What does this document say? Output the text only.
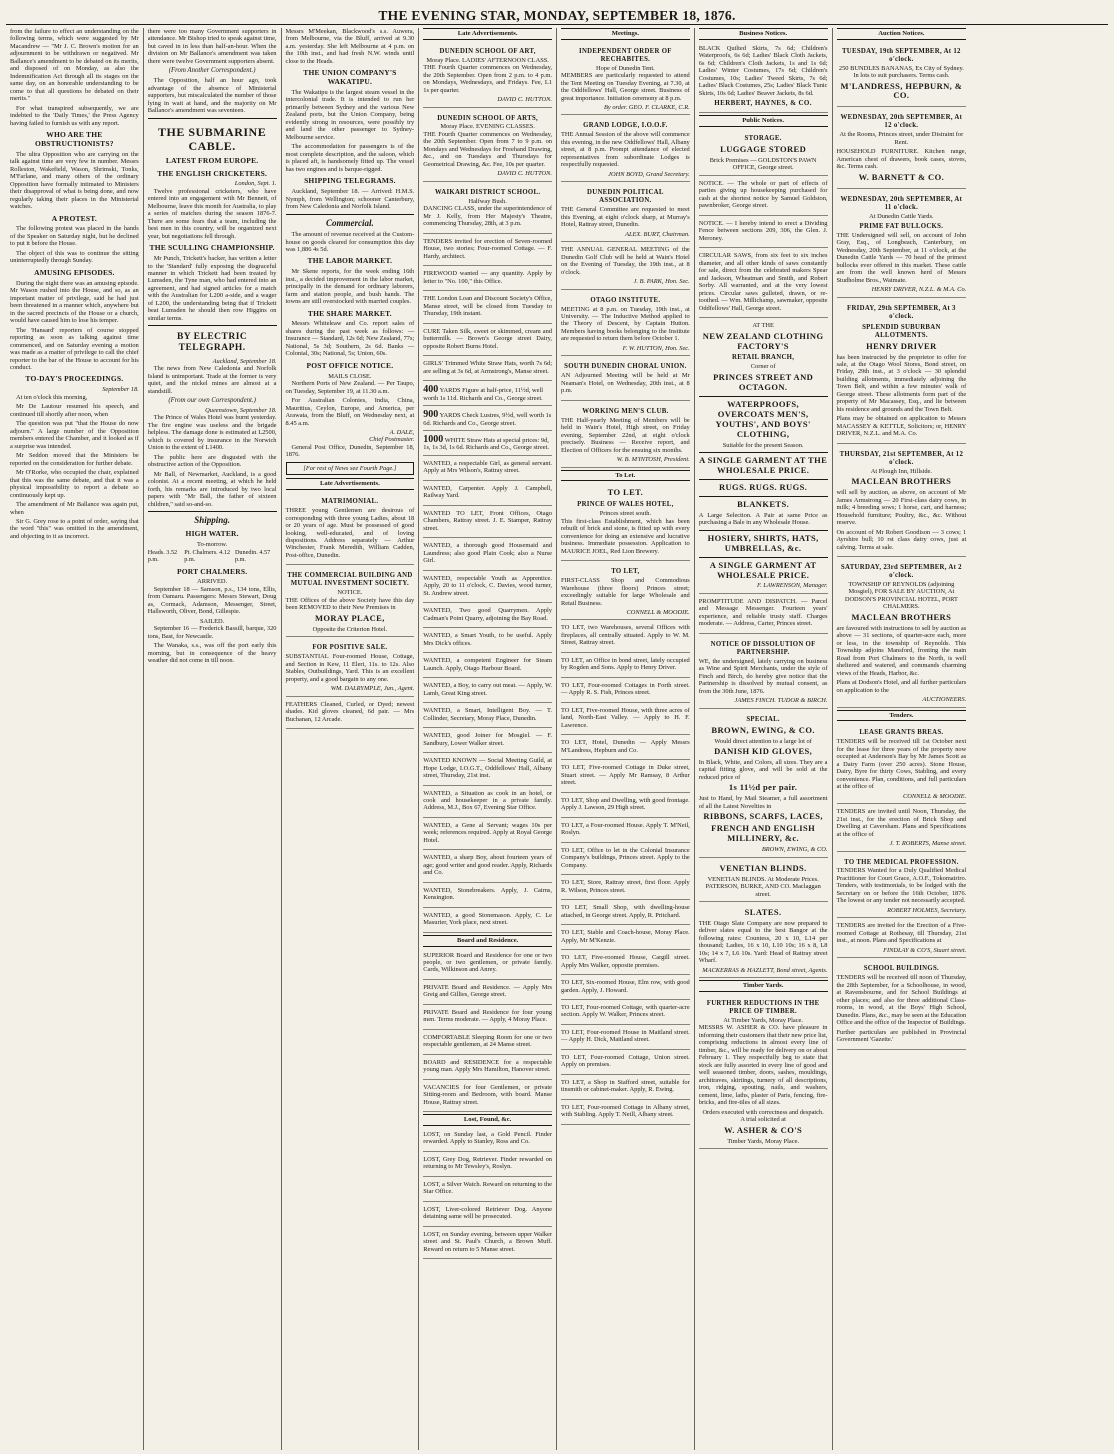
THE EVENING STAR, MONDAY, SEPTEMBER 18, 1876.

from the failure to effect an understanding on the following terms, which were suggested by Mr Macandrew — "Mr J. C. Brown's motion for an adjournment to be withdrawn or negatived. Mr Ballance's amendment to be debated on its merits, and disposed of on Monday, as also the Indemnification Act through all its stages on the same day, on an honorable understanding to be come to that all questions be debated on their merits."

For what transpired subsequently, we are indebted to the 'Daily Times,' the Press Agency having failed to furnish us with any report.

WHO ARE THE OBSTRUCTIONISTS?

The ultra Opposition who are carrying on the talk against time are very few in number. Messrs Rolleston, Wakefield, Wason, Shrimski, Tonks, M'Farlane, and many others of the ordinary Opposition have formally intimated to Ministers their disapproval of what is being done, and now regularly taking their places in the Ministerial watches.

A PROTEST.

The following protest was placed in the hands of the Speaker on Saturday night, but he declined to put it before the House.

The object of this was to continue the sitting uninterruptedly through Sunday.

AMUSING EPISODES.

During the night there was an amusing episode. Mr Wason rushed into the House, and so, as an important matter of privilege, said he had just been threatened in a manner which, anywhere but in the sacred precincts of the House or a church, would have caused him to lose his temper.

The 'Hansard' reporters of course stopped reporting as soon as talking against time commenced, and on Saturday evening a motion was made as a matter of privilege to call the chief reporter to the bar of the House to account for his conduct.

TO-DAY'S PROCEEDINGS.
September 18.

At ten o'clock this morning,

Mr De Lautour resumed his speech, and continued till shortly after noon, when

The question was put "that the House do now adjourn." A large number of the Opposition members entered the Chamber, and it looked as if a surprise was intended.

Mr Seddon moved that the Ministers be reported on the consideration for further debate.

Mr O'Rorke, who occupied the chair, explained that this was the same debate, and that it was a physical impossibility to report a debate so continuously kept up.

The amendment of Mr Ballance was again put, when

Sir G. Grey rose to a point of order, saying that the word "this" was omitted in the amendment, and objecting to it as incorrect.

there were too many Government supporters in attendance. Mr Bishop tried to speak against time, but caved in in less than half-an-hour. When the division on Mr Ballance's amendment was taken there were twelve Government supporters absent.

(From Another Correspondent.)

The Opposition, half an hour ago, took advantage of the absence of Ministerial supporters, but miscalculated the number of those lying in wait at hand, and the majority on Mr Ballance's amendment was seventeen.

THE SUBMARINE CABLE.
LATEST FROM EUROPE.
THE ENGLISH CRICKETERS.
London, Sept. 1.

Twelve professional cricketers, who have entered into an engagement with Mr Bennett, of Melbourne, leave this month for Australia, to play a series of matches during the season 1876-7. There are some fears that a team, including the best men in this country, will be organized next year, but negotiations fell through.

THE SCULLING CHAMPIONSHIP.

Mr Punch, Trickett's backer, has written a letter to the 'Standard' fully exposing the disgraceful manner in which Trickett had been treated by Lumsden, the Tyne man, who had entered into an agreement, and had signed articles for a match with the Australian for L200 a-side, and a wager of L200, the understanding being that if Trickett beat Lumsden he should then row Higgins on similar terms.

BY ELECTRIC TELEGRAPH.
Auckland, September 18.

The news from New Caledonia and Norfolk Island is unimportant. Trade at the former is very quiet, and the nickel mines are almost at a standstill.

(From our own Correspondent.)
Queenstown, September 18.

The Prince of Wales Hotel was burnt yesterday. The fire engine was useless and the brigade helpless. The damage done is estimated at L2500, which is covered by insurance in the Norwich Union to the extent of L1400.

The public here are disgusted with the obstructive action of the Opposition.

Mr Ball, of Newmarket, Auckland, is a good colonist. At a recent meeting, at which he held forth, his remarks are introduced by two local papers with "Mr Ball, the father of sixteen children," said so-and-so.

Shipping.
HIGH WATER.
To-morrow.
Heads. 3.52 p.m.
Pt. Chalmers. 4.12 p.m.
Dunedin. 4.57 p.m.
PORT CHALMERS.
ARRIVED.

September 18 — Samson, p.s., 134 tons, Ellis, from Oamaru. Passengers: Messrs Stewart, Doug as, Cormack, Adamson, Messenger, Street, Hallsworth, Oliver, Bond, Gillespie.

SAILED.

September 16 — Frederick Bassill, barque, 320 tons, Bast, for Newcastle.

The Wanaka, s.s., was off the port early this morning, but in consequence of the heavy weather did not come in till noon.

Messrs M'Meekan, Blackwood's s.s. Auwera, from Melbourne, via the Bluff, arrived at 9.30 a.m. yesterday. She left Melbourne at 4 p.m. on the 10th inst., and had fresh N.W. winds until close to the Heads.

THE UNION COMPANY'S WAKATIPU.

The Wakatipu is the largest steam vessel in the intercolonial trade. It is intended to run her primarily between Sydney and the various New Zealand ports, but the Union Company, being evidently strong in resources, were possibly try and land the other passenger to Sydney-Melbourne service.

The accommodation for passengers is of the most complete description, and the saloon, which is placed aft, is handsomely fitted up. The vessel has two engines and is barque-rigged.

SHIPPING TELEGRAMS.

Auckland, September 18. — Arrived: H.M.S. Nymph, from Wellington; schooner Canterbury, from New Caledonia and Norfolk Island.

Commercial.

The amount of revenue received at the Custom-house on goods cleared for consumption this day was 1,886 4s 5d.

THE LABOR MARKET.

Mr Skene reports, for the week ending 16th inst., a decided improvement in the labor market, principally in the demand for ordinary laborers, farm and station people, and bush hands. The towns are still overstocked with married couples.

THE SHARE MARKET.

Messrs Whiteleaw and Co. report sales of shares during the past week as follows: — Insurance — Standard, 12s 6d; New Zealand, 77s; National, 5s 3d; Southern, 2s 6d. Banks — Colonial, 30s; National, 5s; Union, 60s.

POST OFFICE NOTICE.
MAILS CLOSE.

Northern Ports of New Zealand. — Per Taupo, on Tuesday, September 19, at 11.30 a.m.

For Australian Colonies, India, China, Mauritius, Ceylon, Europe, and America, per Arawata, from the Bluff, on Wednesday next, at 8.45 a.m.

A. DALE,
Chief Postmaster.

General Post Office, Dunedin, September 18, 1876.

[For rest of News see Fourth Page.]
Late Advertisements.
MATRIMONIAL.

THREE young Gentlemen are desirous of corresponding with three young Ladies, about 18 or 20 years of age. Must be possessed of good looking, well-educated, and of loving dispositions. Address separately — Arthur Winchester, Frank Meredith, William Cadden, Post-office, Dunedin.

THE COMMERCIAL BUILDING AND MUTUAL INVESTMENT SOCIETY.
NOTICE.

THE Offices of the above Society have this day been REMOVED to their New Premises in

MORAY PLACE,
Opposite the Criterion Hotel.
FOR POSITIVE SALE.

SUBSTANTIAL Four-roomed House, Cottage, and Section in Kew, 11 Eleri, 11s. to 12s. Also Stables, Outbuildings, Yard. This is an excellent property, and a good bargain to any one.

WM. DALRYMPLE, Jun., Agent.

FEATHERS Cleaned, Curled, or Dyed; newest shades. Kid gloves cleaned, 6d pair. — Mrs Buchanan, 12 Arcade.

Late Advertisements.
DUNEDIN SCHOOL OF ART,
Moray Place. LADIES' AFTERNOON CLASS.

THE Fourth Quarter commences on Wednesday, the 20th September. Open from 2 p.m. to 4 p.m. on Mondays, Wednesdays, and Fridays. Fee, L1 1s per quarter.

DAVID C. HUTTON.
DUNEDIN SCHOOL OF ARTS,
Moray Place. EVENING CLASSES.

THE Fourth Quarter commences on Wednesday, the 20th September. Open from 7 to 9 p.m. on Mondays and Wednesdays for Freehand Drawing, &c., and on Tuesdays and Thursdays for Geometrical Drawing, &c. Fee, 10s per quarter.

DAVID C. HUTTON.
WAIKARI DISTRICT SCHOOL.
Halfway Bush.

DANCING CLASS, under the superintendence of Mr J. Kelly, from Her Majesty's Theatre, commencing Thursday, 28th, at 3 p.m.

TENDERS invited for erection of Seven-roomed House, two stories; Four-roomed Cottage. — F. Hardy, architect.

FIREWOOD wanted — any quantity. Apply by letter to "No. 100," this Office.

THE London Loan and Discount Society's Office, Manse street, will be closed from Tuesday to Thursday, 19th instant.

CURE Taken Silk, sweet or skimmed, cream and buttermilk. — Brown's George street Dairy, opposite Robert Burns Hotel.

GIRLS' Trimmed White Straw Hats, worth 7s 6d; are selling at 3s 6d, at Armstrong's, Manse street.

400 YARDS Figure at half-price, 11½d, well worth 1s 11d. Richards and Co., George street.
900 YARDS Check Lustres, 9½d, well worth 1s 6d. Richards and Co., George street.
1000 WHITE Straw Hats at special prices: 9d, 1s, 1s 3d, 1s 6d. Richards and Co., George street.

WANTED, a respectable Girl, as general servant. Apply at Mrs Wilson's, Rattray street.

WANTED, Carpenter. Apply J. Campbell, Railway Yard.

WANTED TO LET, Front Offices, Otago Chambers, Rattray street. J. E. Stamper, Rattray street.

WANTED, a thorough good Housemaid and Laundress; also good Plain Cook; also a Nurse Girl.

WANTED, respectable Youth as Apprentice. Apply, 20 to 11 o'clock, C. Davies, wood turner, St. Andrew street.

WANTED, Two good Quarrymen. Apply Cadman's Point Quarry, adjoining the Bay Road.

WANTED, a Smart Youth, to be useful. Apply Mrs Dick's offices.

WANTED, a competent Engineer for Steam Launch. Apply, Otago Harbour Board.

WANTED, a Boy, to carry out meat. — Apply, W. Lamb, Great King street.

WANTED, a Smart, Intelligent Boy. — T. Collinder, Secretary, Moray Place, Dunedin.

WANTED, good Joiner for Mosgiel. — F. Sandbury, Lower Walker street.

WANTED KNOWN — Social Meeting Guild, at Hope Lodge, I.O.G.T., Oddfellows' Hall, Albany street, Thursday, 21st inst.

WANTED, a Situation as cook in an hotel, or cook and housekeeper in a private family. Address, M.J., Box 67, Evening Star Office.

WANTED, a Gene al Servant; wages 10s per week; references required. Apply at Royal George Hotel.

WANTED, a sharp Boy, about fourteen years of age; good writer and good reader. Apply, Richards and Co.

WANTED, Stonebreakers. Apply, J. Cairns, Kensington.

WANTED, a good Stonemason. Apply, C. Le Masurier, York place, next street.

Board and Residence.

SUPERIOR Board and Residence for one or two people, or two gentlemen, or private family. Cards, Wilkinson and Anrey.

PRIVATE Board and Residence. — Apply Mrs Greig and Gillies, George street.

PRIVATE Board and Residence for four young men. Terms moderate. — Apply, 4 Moray Place.

COMFORTABLE Sleeping Room for one or two respectable gentlemen, at 24 Manse street.

BOARD and RESIDENCE for a respectable young man. Apply Mrs Hamilton, Hanover street.

VACANCIES for four Gentlemen, or private Sitting-room and Bedroom, with board. Manse House, Rattray street.

Lost, Found, &c.

LOST, on Sunday last, a Gold Pencil. Finder rewarded. Apply to Stanley, Ross and Co.

LOST, Grey Dog, Retriever. Finder rewarded on returning to Mr Tewsley's, Roslyn.

LOST, a Silver Watch. Reward on returning to the Star Office.

LOST, Liver-colored Retriever Dog. Anyone detaining same will be prosecuted.

LOST, on Sunday evening, between upper Walker street and St. Paul's Church, a Brown Muff. Reward on return to 5 Manse street.

Meetings.
INDEPENDENT ORDER OF RECHABITES.
Hope of Dunedin Tent.

MEMBERS are particularly requested to attend the Tent Meeting on Tuesday Evening, at 7.30, at the Oddfellows' Hall, George street. Business of great importance. Initiation ceremony at 8 p.m.

By order. GEO. F. CLARKE, C.R.
GRAND LODGE, I.O.O.F.

THE Annual Session of the above will commence this evening, in the new Oddfellows' Hall, Albany street, at 8 p.m. Prompt attendance of elected representatives from subordinate Lodges is respectfully requested.

JOHN BOYD, Grand Secretary.
DUNEDIN POLITICAL ASSOCIATION.

THE General Committee are requested to meet this Evening, at eight o'clock sharp, at Murray's Hotel, Rattray street, Dunedin.

ALEX. BURT, Chairman.

THE ANNUAL GENERAL MEETING of the Dunedin Golf Club will be held at Wain's Hotel on the Evening of Tuesday, the 19th inst., at 8 o'clock.

J. B. PARK, Hon. Sec.
OTAGO INSTITUTE.

MEETING at 8 p.m. on Tuesday, 19th inst., at University. — The Inductive Method applied to the Theory of Descent, by Captain Hutton. Members having books belonging to the Institute are requested to return them before October 1.

F. W. HUTTON, Hon. Sec.
SOUTH DUNEDIN CHORAL UNION.

AN Adjourned Meeting will be held at Mr Neaman's Hotel, on Wednesday, 20th inst., at 8 p.m.

WORKING MEN'S CLUB.

THE Half-yearly Meeting of Members will be held in Wain's Hotel, High street, on Friday evening, September 22nd, at eight o'clock precisely. Business — Receive report, and Election of Officers for the ensuing six months.

W. B. M'INTOSH, President.
To Let.
TO LET.
PRINCE OF WALES HOTEL,
Princes street south.

This first-class Establishment, which has been rebuilt of brick and stone, is fitted up with every convenience for doing an extensive and lucrative business. Immediate possession. Application to MAURICE JOEL, Red Lion Brewery.

TO LET,

FIRST-CLASS Shop and Commodious Warehouse (three floors) Princes street; exceedingly suitable for large Wholesale and Retail Business.

CONNELL & MOODIE.

TO LET, two Warehouses, several Offices with fireplaces, all centrally situated. Apply to W. M. Street, Rattray street.

TO LET, an Office in bond street, lately occupied by Rogden and Sons. Apply to Henry Driver.

TO LET, Four-roomed Cottages in Forth street. — Apply R. S. Fish, Princes street.

TO LET, Five-roomed House, with three acres of land, North-East Valley. — Apply to H. F. Lawrence.

TO LET, Hotel, Dunedin — Apply Messrs M'Landress, Hepburn and Co.

TO LET, Five-roomed Cottage in Duke street, Stuart street. — Apply Mr Ramsay, 8 Arthur street.

TO LET, Shop and Dwelling, with good frontage. Apply J. Lawson, 29 High street.

TO LET, a Four-roomed House. Apply T. M'Neil, Roslyn.

TO LET, Office to let in the Colonial Insurance Company's buildings, Princes street. Apply to the Company.

TO LET, Store, Rattray street, first floor. Apply R. Wilson, Princes street.

TO LET, Small Shop, with dwelling-house attached, in George street. Apply, R. Pritchard.

TO LET, Stable and Coach-house, Moray Place. Apply, Mr M'Kenzie.

TO LET, Five-roomed House, Cargill street. Apply Mrs Walker, opposite premises.

TO LET, Six-roomed House, Elm row, with good garden. Apply, J. Howard.

TO LET, Four-roomed Cottage, with quarter-acre section. Apply W. Walker, Princes street.

TO LET, Four-roomed House in Maitland street. — Apply H. Dick, Maitland street.

TO LET, Four-roomed Cottage, Union street. Apply on premises.

TO LET, a Shop in Stafford street, suitable for tinsmith or cabinet-maker. Apply, R. Ewing.

TO LET, Four-roomed Cottage in Albany street, with Stabling. Apply T. Neill, Albany street.

Business Notices.

BLACK Quilted Skirts, 7s 6d; Children's Waterproofs, 6s 6d; Ladies' Black Cloth Jackets, 6s 6d; Children's Cloth Jackets, 1s and 1s 6d; Ladies' Winter Costumes, 17s 6d; Children's Costumes, 10s; Ladies' Tweed Skirts, 7s 6d; Ladies' Black Costumes, 25s; Ladies' Black Tunic Skirts, 10s 6d; Ladies' Beaver Jackets, 8s 6d.

HERBERT, HAYNES, & CO.
Public Notices.
STORAGE.
LUGGAGE STORED
Brick Premises — GOLDSTON'S PAWN OFFICE, George street.

NOTICE. — The whole or part of effects of parties giving up housekeeping purchased for cash at the shortest notice by Samuel Goldston, pawnbroker, George street.

NOTICE. — I hereby intend to erect a Dividing Fence between sections 209, 306, the Glen. J. Meroney.

CIRCULAR SAWS, from six feet to six inches diameter, and all other kinds of saws constantly for sale, direct from the celebrated makers Spear and Jackson, Wheatman and Smith, and Robert Sorby. All warranted, and at the very lowest prices. Circular saws gulleted, drawn, or re-toothed. — Wm. Millichamp, sawmaker, opposite Oddfellows' Hall, George street.

AT THE
NEW ZEALAND CLOTHING FACTORY'S
RETAIL BRANCH,
Corner of
PRINCES STREET AND OCTAGON.
WATERPROOFS, OVERCOATS MEN'S, YOUTHS', AND BOYS' CLOTHING,
Suitable for the present Season.
A SINGLE GARMENT AT THE WHOLESALE PRICE.
RUGS. RUGS. RUGS.
BLANKETS.

A Large Selection. A Pair at same Price as purchasing a Bale in any Wholesale House.

HOSIERY, SHIRTS, HATS, UMBRELLAS, &c.
A SINGLE GARMENT AT WHOLESALE PRICE.
F. LAWRENSON, Manager.

PROMPTITUDE AND DISPATCH. — Parcel and Message Messenger. Fourteen years' experience, and reliable trusty staff. Charges moderate. — Address, Carter, Princes street.

NOTICE OF DISSOLUTION OF PARTNERSHIP.

WE, the undersigned, lately carrying on business as Wine and Spirit Merchants, under the style of Finch and Birch, do hereby give notice that the Partnership is dissolved by mutual consent, as from the 30th June, 1876.

JAMES FINCH. TUDOR & BIRCH.
SPECIAL.
BROWN, EWING, & CO.
Would direct attention to a large lot of
DANISH KID GLOVES,

In Black, White, and Colors, all sizes. They are a capital fitting glove, and will be sold at the reduced price of

1s 11½d per pair.

Just to Hand, by Mail Steamer, a full assortment of all the Latest Novelties in

RIBBONS, SCARFS, LACES,
FRENCH AND ENGLISH MILLINERY, &c.
BROWN, EWING, & CO.
VENETIAN BLINDS.
VENETIAN BLINDS. At Moderate Prices.
PATERSON, BURKE, AND CO. Maclaggan street.
SLATES.

THE Otago Slate Company are now prepared to deliver slates equal to the best Bangor at the following rates: Countess, 20 x 10, L14 per thousand; Ladies, 16 x 10, L10 10s; 16 x 8, L8 10s; 14 x 7, L6 10s. Yard: Head of Rattray street Wharf.

MACKERRAS & HAZLETT, Bond street, Agents.
Timber Yards.
FURTHER REDUCTIONS IN THE PRICE OF TIMBER.
At Timber Yards, Moray Place.

MESSRS W. ASHER & CO. have pleasure in informing their customers that their new price list, comprising reductions in almost every line of timber, &c., will be ready for delivery on or about February 1. They respectfully beg to state that stock are fully assorted in every line of good and well seasoned timber, doors, sashes, mouldings, architraves, skirtings, turnery of all descriptions, iron, ridging, spouting, nails, and washers, cement, lime, laths, plaster of Paris, fencing, fire-bricks, and fire-tiles of all sizes.

Orders executed with correctness and despatch.
A trial solicited at
W. ASHER & CO'S
Timber Yards, Moray Place.
Auction Notices.
TUESDAY, 19th SEPTEMBER, At 12 o'clock.

250 BUNDLES BANANAS, Ex City of Sydney. In lots to suit purchasers. Terms cash.

M'LANDRESS, HEPBURN, & CO.
WEDNESDAY, 20th SEPTEMBER, At 12 o'clock.

At the Rooms, Princes street, under Distraint for Rent.

HOUSEHOLD FURNITURE. Kitchen range, American chest of drawers, book cases, stoves, &c. Terms cash.

W. BARNETT & CO.
WEDNESDAY, 20th SEPTEMBER, At 11 o'clock.
At Dunedin Cattle Yards.
PRIME FAT BULLOCKS.

THE Undersigned will sell, on account of John Gray, Esq., of Longbeach, Canterbury, on Wednesday, 20th September, at 11 o'clock, at the Dunedin Cattle Yards — 70 head of the primest bullocks ever offered in this market. These cattle are from the well known herd of Messrs Studholme Bros., Waimate.

HENRY DRIVER, N.Z.L. & M.A. Co.
FRIDAY, 29th SEPTEMBER, At 3 o'clock.
SPLENDID SUBURBAN ALLOTMENTS.
HENRY DRIVER

has been instructed by the proprietor to offer for sale, at the Otago Wool Stores, Bond street, on Friday, 29th inst., at 3 o'clock — 30 splendid building allotments, immediately adjoining the Town Belt, and within a few minutes' walk of George street. These allotments form part of the property of Mr Macassey, Esq., and lie between his residence and grounds and the Town Belt.

Plans may be obtained on application to Messrs MACASSEY & KETTLE, Solicitors; or, HENRY DRIVER, N.Z.L. and M.A. Co.

THURSDAY, 21st SEPTEMBER, At 12 o'clock.
At Plough Inn, Hillside.
MACLEAN BROTHERS

will sell by auction, as above, on account of Mr James Armstrong — 20 First-class dairy cows, in milk; 4 breeding sows; 1 horse, cart, and harness; Household furniture; Poultry, &c., &c. Without reserve.

On account of Mr Robert Goodison — 3 cows; 1 Ayrshire bull; 10 rst class dairy cows, just at calving. Terms at sale.

SATURDAY, 23rd SEPTEMBER, At 2 o'clock.
TOWNSHIP OF REYNOLDS (adjoining Mosgiel), FOR SALE BY AUCTION, At DODSON'S PROVINCIAL HOTEL, PORT CHALMERS.
MACLEAN BROTHERS

are favoured with instructions to sell by auction as above — 31 sections, of quarter-acre each, more or less, in the township of Reynolds. This Township adjoins Mansford, fronting the main Road from Port Chalmers to the North, is well sheltered and watered, and commands charming views of the Heads, Harbor, &c.

Plans at Dodson's Hotel, and all further particulars on application to the

AUCTIONEERS.
Tenders.
LEASE GRANTS BREAS.

TENDERS will be received till 1st October next for the lease for three years of the property now occupied at Anderson's Bay by Mr James Scott as a Dairy Farm (over 250 acres). Stone House, Dairy, Byre for thirty Cows, Stabling, and every convenience. Plan, conditions, and full particulars at the office of

CONNELL & MOODIE.

TENDERS are invited until Noon, Thursday, the 21st inst., for the erection of Brick Shop and Dwelling at Caversham. Plans and Specifications at the office of

J. T. ROBERTS, Manse street.
TO THE MEDICAL PROFESSION.

TENDERS Wanted for a Duly Qualified Medical Practitioner for Court Grace, A.O.F., Tokomairiro. Tenders, with testimonials, to be lodged with the Secretary on or before the 16th October, 1876. The lowest or any tender not necessarily accepted.

ROBERT HOLMES, Secretary.

TENDERS are invited for the Erection of a Five-roomed Cottage at Rothesay, till Thursday, 21st inst., at noon. Plans and Specifications at

FINDLAY & CO'S, Stuart street.
SCHOOL BUILDINGS.

TENDERS will be received till noon of Thursday, the 28th September, for a Schoolhouse, in wood, at Ravensbourne, and for School Buildings at other places; and also for three additional Class-rooms, in wood, at the Boys' High School, Dunedin. Plans, &c., may be seen at the Education Office and the office of the Inspector of Buildings.

Further particulars are published in Provincial Government 'Gazette.'
